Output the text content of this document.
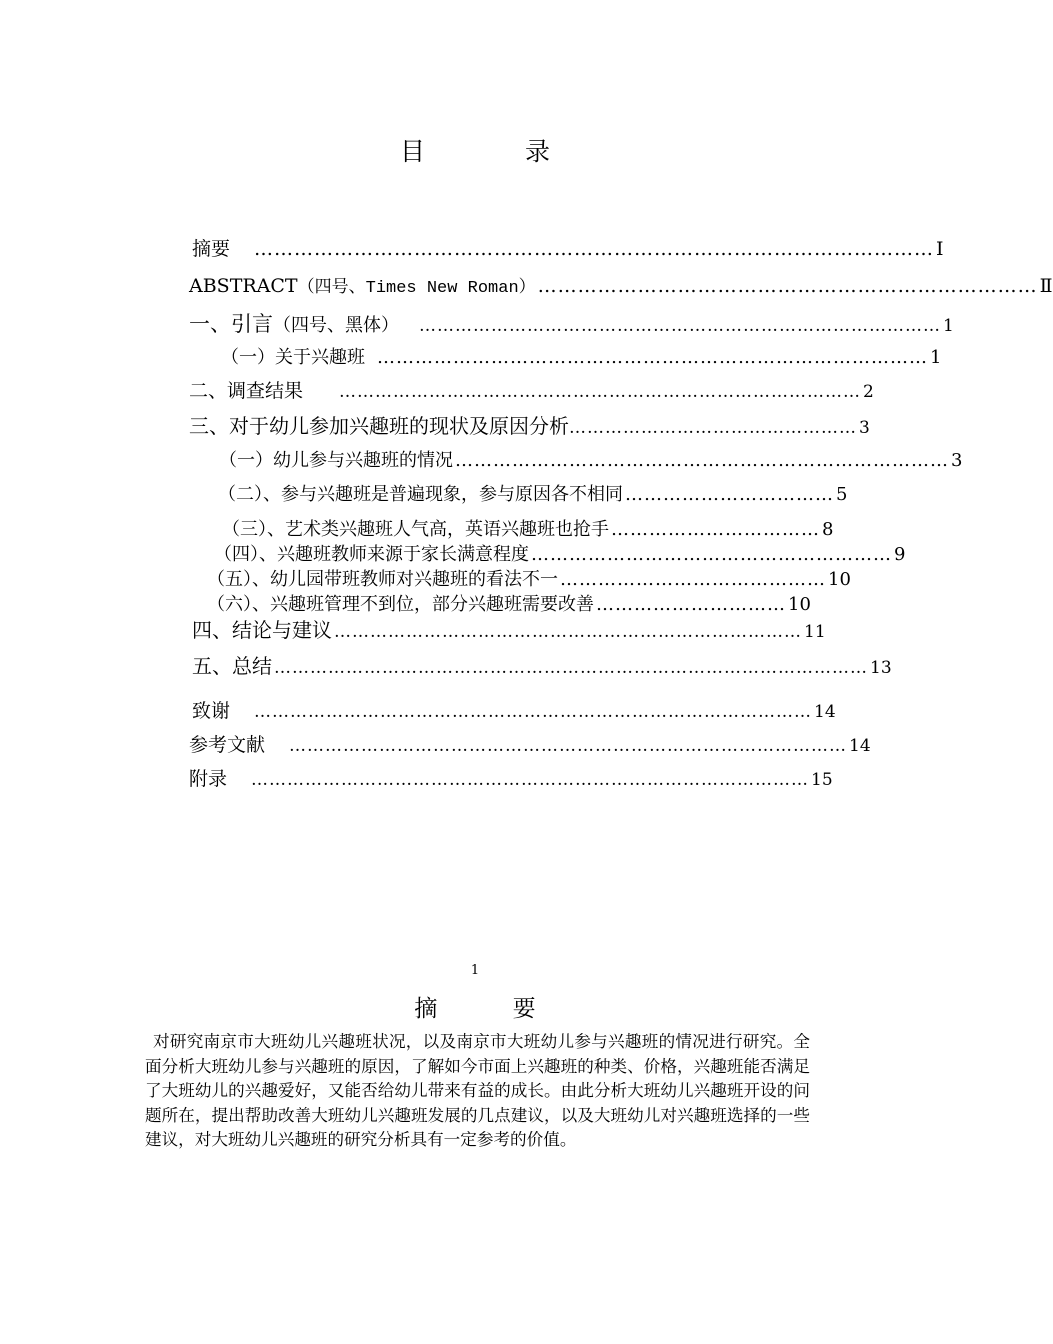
目 录
摘要 ………………………………………………………………………………………… Ⅰ
ABSTRACT （四号、Times New Roman） ………………………………………………………………… Ⅱ
一、引言 （四号、黑体） …………………………………………………………………………… 1
（一）关于兴趣班 …………………………………………………………………………… 1
二、调查结果 …………………………………………………………………………… 2
三、对于幼儿参加兴趣班的现状及原因分析 ………………………………………… 3
（一）幼儿参与兴趣班的情况 …………………………………………………………………… 3
（二）、参与兴趣班是普遍现象，参与原因各不相同 …………………………… 5
（三）、艺术类兴趣班人气高，英语兴趣班也抢手 …………………………… 8
（四）、兴趣班教师来源于家长满意程度 ………………………………………………… 9
（五）、幼儿园带班教师对兴趣班的看法不一 …………………………………… 10
（六）、兴趣班管理不到位，部分兴趣班需要改善 ………………………… 10
四、结论与建议 …………………………………………………………………… 11
五、总结 ……………………………………………………………………………………… 13
致谢 ………………………………………………………………………………… 14
参考文献 ………………………………………………………………………………… 14
附录 ………………………………………………………………………………… 15
1
摘 要
对研究南京市大班幼儿兴趣班状况，以及南京市大班幼儿参与兴趣班的情况进行研究。全面分析大班幼儿参与兴趣班的原因，了解如今市面上兴趣班的种类、价格，兴趣班能否满足了大班幼儿的兴趣爱好，又能否给幼儿带来有益的成长。由此分析大班幼儿兴趣班开设的问题所在，提出帮助改善大班幼儿兴趣班发展的几点建议，以及大班幼儿对兴趣班选择的一些建议，对大班幼儿兴趣班的研究分析具有一定参考的价值。
